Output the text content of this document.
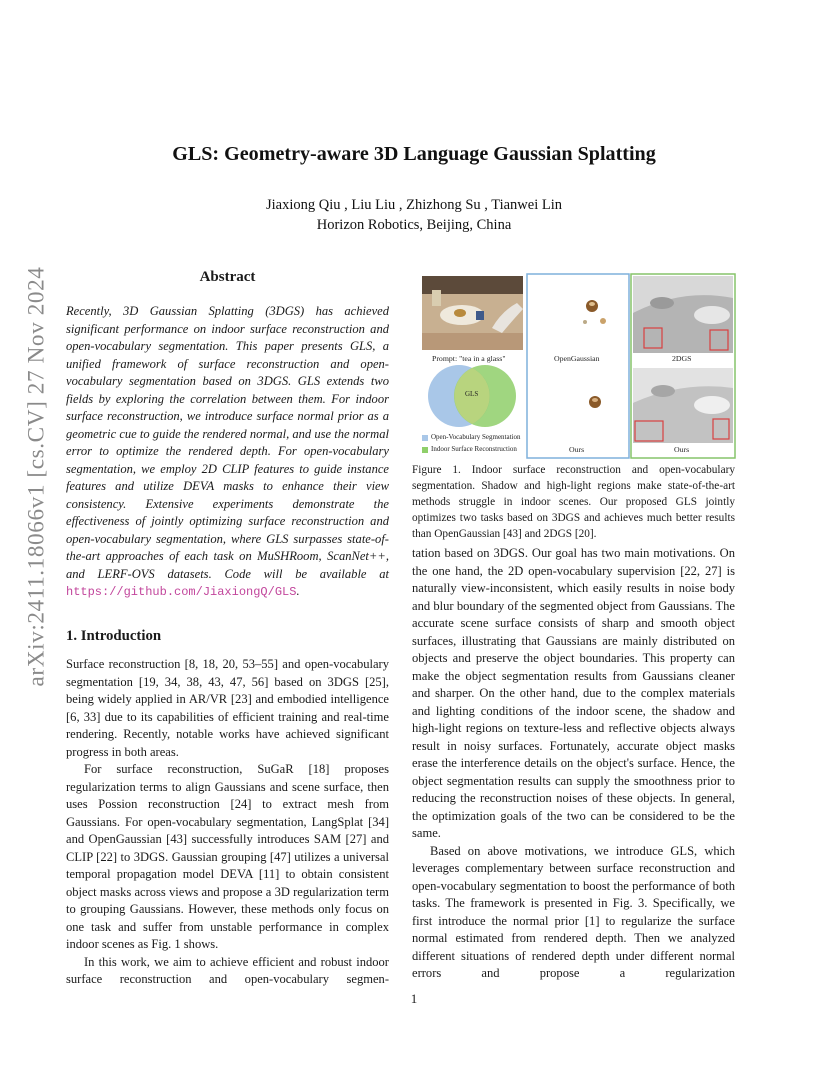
arXiv:2411.18066v1 [cs.CV] 27 Nov 2024
GLS: Geometry-aware 3D Language Gaussian Splatting
Jiaxiong Qiu , Liu Liu , Zhizhong Su , Tianwei Lin
Horizon Robotics, Beijing, China
Abstract

Recently, 3D Gaussian Splatting (3DGS) has achieved significant performance on indoor surface reconstruction and open-vocabulary segmentation. This paper presents GLS, a unified framework of surface reconstruction and open-vocabulary segmentation based on 3DGS. GLS extends two fields by exploring the correlation between them. For indoor surface reconstruction, we introduce surface normal prior as a geometric cue to guide the rendered normal, and use the normal error to optimize the rendered depth. For open-vocabulary segmentation, we employ 2D CLIP features to guide instance features and utilize DEVA masks to enhance their view consistency. Extensive experiments demonstrate the effectiveness of jointly optimizing surface reconstruction and open-vocabulary segmentation, where GLS surpasses state-of-the-art approaches of each task on MuSHRoom, ScanNet++, and LERF-OVS datasets. Code will be available at https://github.com/JiaxiongQ/GLS.

1. Introduction

Surface reconstruction [8, 18, 20, 53–55] and open-vocabulary segmentation [19, 34, 38, 43, 47, 56] based on 3DGS [25], being widely applied in AR/VR [23] and embodied intelligence [6, 33] due to its capabilities of efficient training and real-time rendering. Recently, notable works have achieved significant progress in both areas.

For surface reconstruction, SuGaR [18] proposes regularization terms to align Gaussians and scene surface, then uses Possion reconstruction [24] to extract mesh from Gaussians. For open-vocabulary segmentation, LangSplat [34] and OpenGaussian [43] successfully introduces SAM [27] and CLIP [22] to 3DGS. Gaussian grouping [47] utilizes a universal temporal propagation model DEVA [11] to obtain consistent object masks across views and propose a 3D regularization term to grouping Gaussians. However, these methods only focus on one task and suffer from unstable performance in complex indoor scenes as Fig. 1 shows.

In this work, we aim to achieve efficient and robust indoor surface reconstruction and open-vocabulary segmen-

Prompt: "tea in a glass"
GLS
Open-Vocabulary Segmentation
Indoor Surface Reconstruction
OpenGaussian
Ours
2DGS
Ours
Figure 1. Indoor surface reconstruction and open-vocabulary segmentation. Shadow and high-light regions make state-of-the-art methods struggle in indoor scenes. Our proposed GLS jointly optimizes two tasks based on 3DGS and achieves much better results than OpenGaussian [43] and 2DGS [20].

tation based on 3DGS. Our goal has two main motivations. On the one hand, the 2D open-vocabulary supervision [22, 27] is naturally view-inconsistent, which easily results in noise body and blur boundary of the segmented object from Gaussians. The accurate scene surface consists of sharp and smooth object surfaces, illustrating that Gaussians are mainly distributed on objects and preserve the object boundaries. This property can make the object segmentation results from Gaussians cleaner and sharper. On the other hand, due to the complex materials and lighting conditions of the indoor scene, the shadow and high-light regions on texture-less and reflective objects always result in noisy surfaces. Fortunately, accurate object masks erase the interference details on the object's surface. Hence, the object segmentation results can supply the smoothness prior to reducing the reconstruction noises of these objects. In general, the optimization goals of the two can be considered to be the same.

Based on above motivations, we introduce GLS, which leverages complementary between surface reconstruction and open-vocabulary segmentation to boost the performance of both tasks. The framework is presented in Fig. 3. Specifically, we first introduce the normal prior [1] to regularize the surface normal estimated from rendered depth. Then we analyzed different situations of rendered depth under different normal errors and propose a regularization

1
